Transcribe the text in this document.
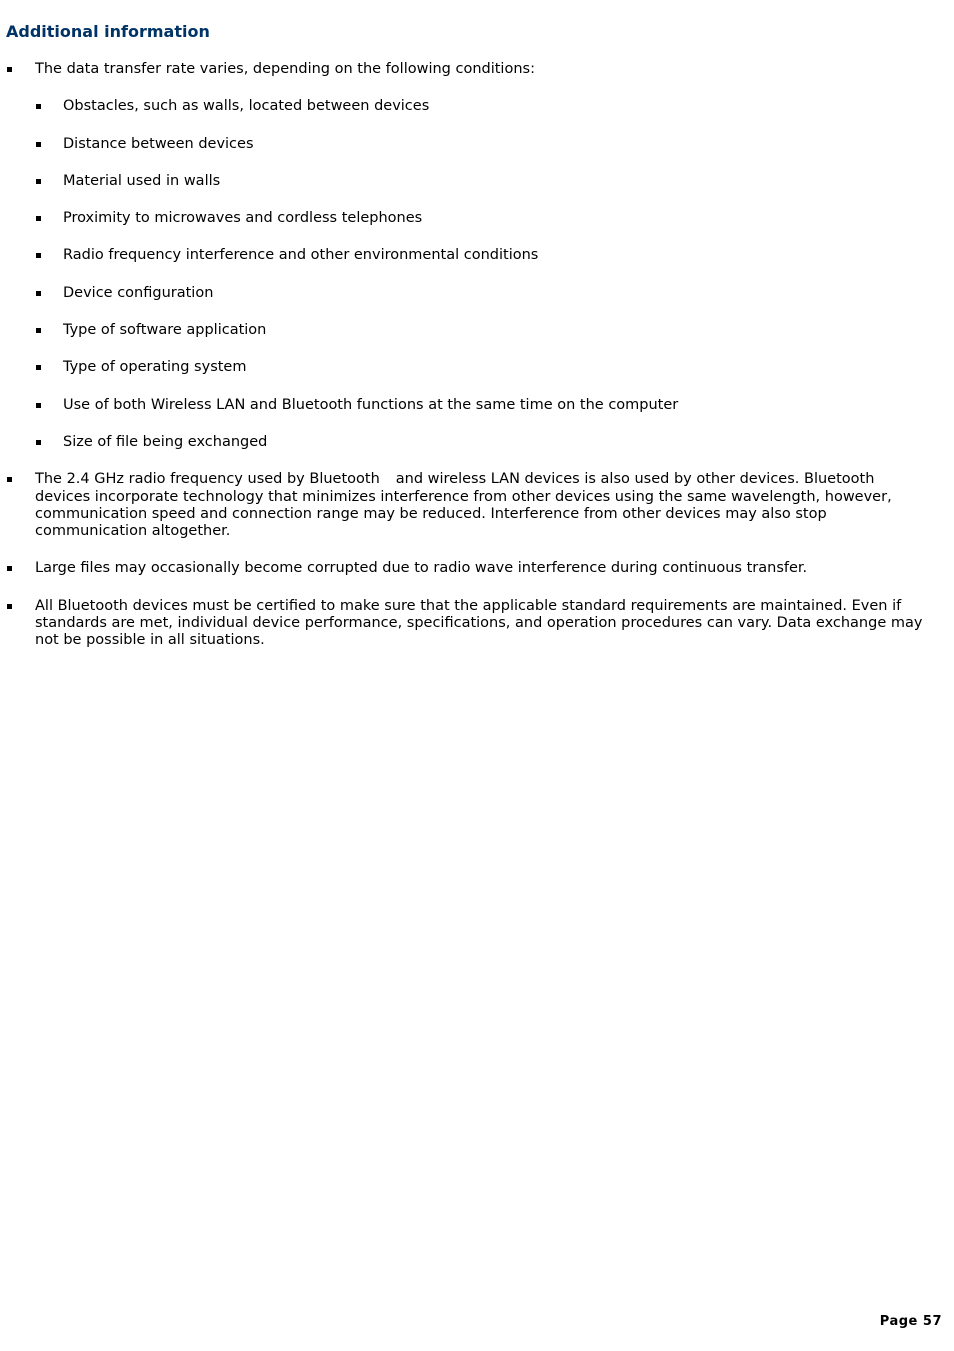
Additional information
The data transfer rate varies, depending on the following conditions:
Obstacles, such as walls, located between devices
Distance between devices
Material used in walls
Proximity to microwaves and cordless telephones
Radio frequency interference and other environmental conditions
Device configuration
Type of software application
Type of operating system
Use of both Wireless LAN and Bluetooth functions at the same time on the computer
Size of file being exchanged
The 2.4 GHz radio frequency used by Bluetooth and wireless LAN devices is also used by other devices. Bluetooth devices incorporate technology that minimizes interference from other devices using the same wavelength, however, communication speed and connection range may be reduced. Interference from other devices may also stop communication altogether.
Large files may occasionally become corrupted due to radio wave interference during continuous transfer.
All Bluetooth devices must be certified to make sure that the applicable standard requirements are maintained. Even if standards are met, individual device performance, specifications, and operation procedures can vary. Data exchange may not be possible in all situations.
Page 57
